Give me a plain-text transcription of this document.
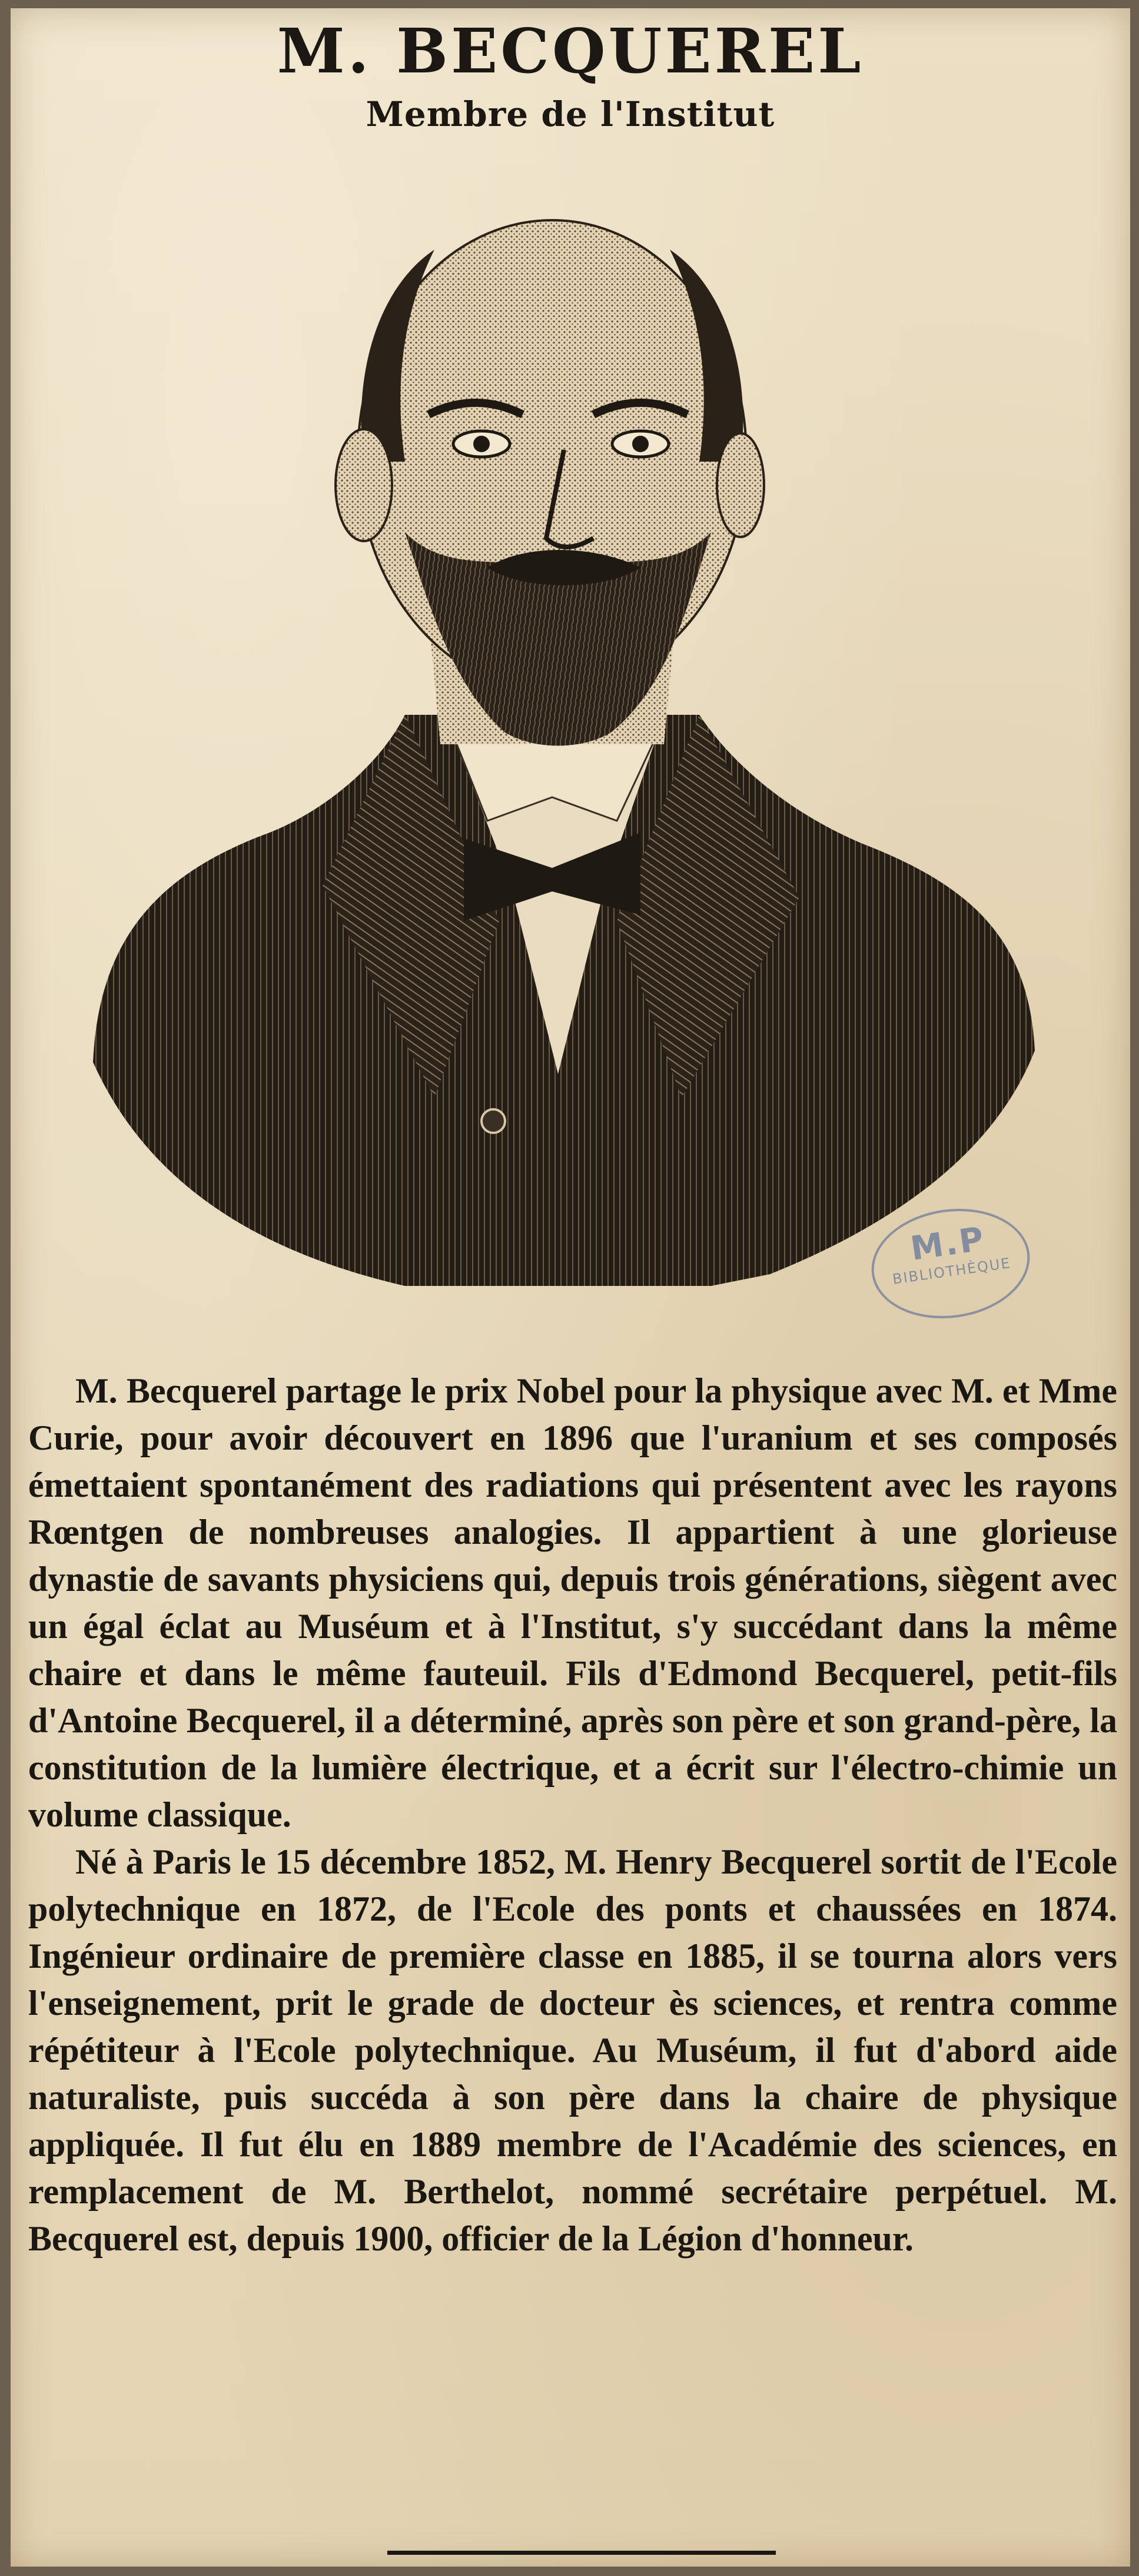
M. BECQUEREL
Membre de l'Institut
M.P
BIBLIOTHÈQUE

M. Becquerel partage le prix Nobel pour la physique avec M. et Mme Curie, pour avoir découvert en 1896 que l'uranium et ses composés émettaient spontanément des radiations qui présentent avec les rayons Rœntgen de nombreuses analogies. Il appartient à une glorieuse dynastie de savants physiciens qui, depuis trois générations, siègent avec un égal éclat au Muséum et à l'Institut, s'y succédant dans la même chaire et dans le même fauteuil. Fils d'Edmond Becquerel, petit-fils d'Antoine Becquerel, il a déterminé, après son père et son grand-père, la constitution de la lumière électrique, et a écrit sur l'électro-chimie un volume classique.

Né à Paris le 15 décembre 1852, M. Henry Becquerel sortit de l'Ecole polytechnique en 1872, de l'Ecole des ponts et chaussées en 1874. Ingénieur ordinaire de première classe en 1885, il se tourna alors vers l'enseignement, prit le grade de docteur ès sciences, et rentra comme répétiteur à l'Ecole polytechnique. Au Muséum, il fut d'abord aide naturaliste, puis succéda à son père dans la chaire de physique appliquée. Il fut élu en 1889 membre de l'Académie des sciences, en remplacement de M. Berthelot, nommé secrétaire perpétuel. M. Becquerel est, depuis 1900, officier de la Légion d'honneur.
